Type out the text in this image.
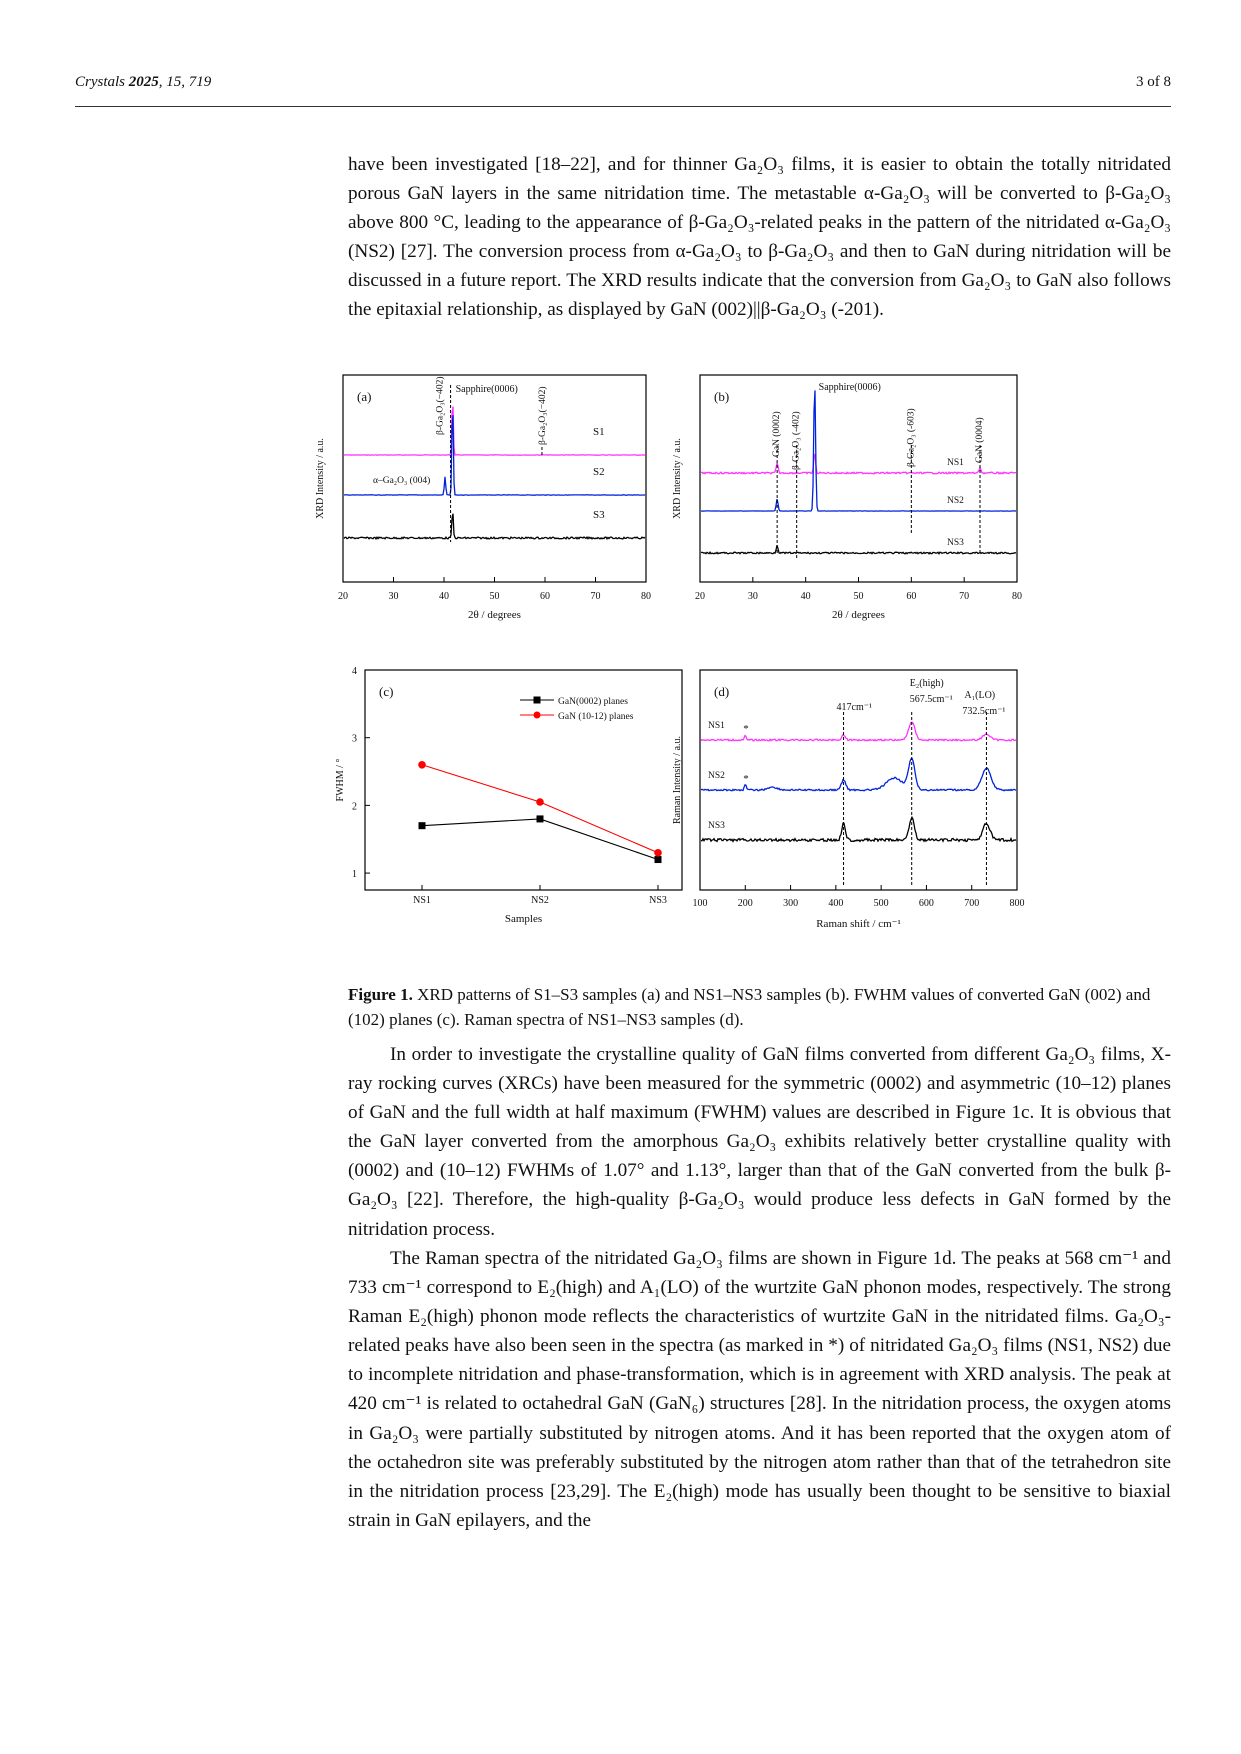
Crystals 2025, 15, 719	3 of 8

have been investigated [18–22], and for thinner Ga₂O₃ films, it is easier to obtain the totally nitridated porous GaN layers in the same nitridation time. The metastable α-Ga₂O₃ will be converted to β-Ga₂O₃ above 800 °C, leading to the appearance of β-Ga₂O₃-related peaks in the pattern of the nitridated α-Ga₂O₃ (NS2) [27]. The conversion process from α-Ga₂O₃ to β-Ga₂O₃ and then to GaN during nitridation will be discussed in a future report. The XRD results indicate that the conversion from Ga₂O₃ to GaN also follows the epitaxial relationship, as displayed by GaN (002)||β-Ga₂O₃ (-201).

(a)
20	30	40	50	60	70	80
2θ / degrees
XRD Intensity / a.u.
S1
S2
S3
β-Ga₂O₃(−402) Sapphire(0006) β-Ga₂O₃(−402)
α–Ga₂O₃ (004)
(b)
20	30	40	50	60	70	80
2θ / degrees
XRD Intensity / a.u.	NS1
NS2
NS3
GaN (0002) β-Ga₂O₃ (-402)
Sapphire(0006)
β-Ga₂O₃ (-603)	GaN (0004)
(c)
1
2
3
4
NS1	NS2	NS3
Samples
FWHM / °
GaN(0002) planes
GaN (10-12) planes
(d)
100	200	300	400	500	600	700	800
Raman shift / cm⁻¹
Raman Intensity / a.u.
NS1
NS2
NS3
417cm⁻¹
E₂(high)
567.5cm⁻¹ A₁(LO)
732.5cm⁻¹
*
*
Figure 1. XRD patterns of S1–S3 samples (a) and NS1–NS3 samples (b). FWHM values of converted GaN (002) and (102) planes (c). Raman spectra of NS1–NS3 samples (d).

In order to investigate the crystalline quality of GaN films converted from different Ga₂O₃ films, X-ray rocking curves (XRCs) have been measured for the symmetric (0002) and asymmetric (10–12) planes of GaN and the full width at half maximum (FWHM) values are described in Figure 1c. It is obvious that the GaN layer converted from the amorphous Ga₂O₃ exhibits relatively better crystalline quality with (0002) and (10–12) FWHMs of 1.07° and 1.13°, larger than that of the GaN converted from the bulk β-Ga₂O₃ [22]. Therefore, the high-quality β-Ga₂O₃ would produce less defects in GaN formed by the nitridation process.

The Raman spectra of the nitridated Ga₂O₃ films are shown in Figure 1d. The peaks at 568 cm⁻¹ and 733 cm⁻¹ correspond to E₂(high) and A₁(LO) of the wurtzite GaN phonon modes, respectively. The strong Raman E₂(high) phonon mode reflects the characteristics of wurtzite GaN in the nitridated films. Ga₂O₃-related peaks have also been seen in the spectra (as marked in *) of nitridated Ga₂O₃ films (NS1, NS2) due to incomplete nitridation and phase-transformation, which is in agreement with XRD analysis. The peak at 420 cm⁻¹ is related to octahedral GaN (GaN₆) structures [28]. In the nitridation process, the oxygen atoms in Ga₂O₃ were partially substituted by nitrogen atoms. And it has been reported that the oxygen atom of the octahedron site was preferably substituted by the nitrogen atom rather than that of the tetrahedron site in the nitridation process [23,29]. The E₂(high) mode has usually been thought to be sensitive to biaxial strain in GaN epilayers, and the
